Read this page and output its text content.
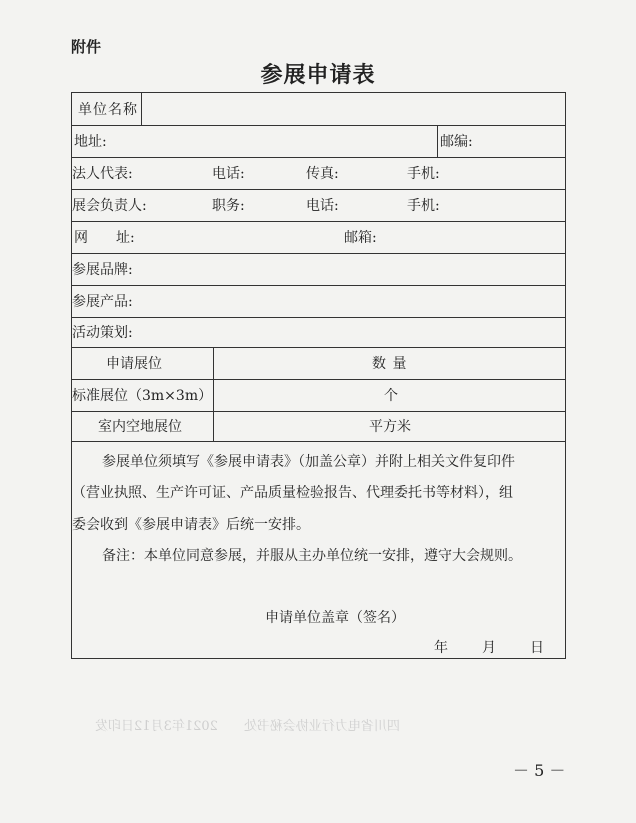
附件
参展申请表
单位名称
地址:	邮编:
法人代表:	电话:	传真:	手机:
展会负责人:	职务:	电话:	手机:
网　　址:	邮箱:
参展品牌:
参展产品:
活动策划:
申请展位	数 量
标准展位（3m×3m）	个
室内空地展位	平方米
参展单位须填写《参展申请表》（加盖公章）并附上相关文件复印件
（营业执照、生产许可证、产品质量检验报告、代理委托书等材料），组
委会收到《参展申请表》后统一安排。
备注：本单位同意参展，并服从主办单位统一安排，遵守大会规则。
申请单位盖章（签名）
年 月 日
四川省电力行业协会秘书处　　2021年3月12日印发
－ 5 －
